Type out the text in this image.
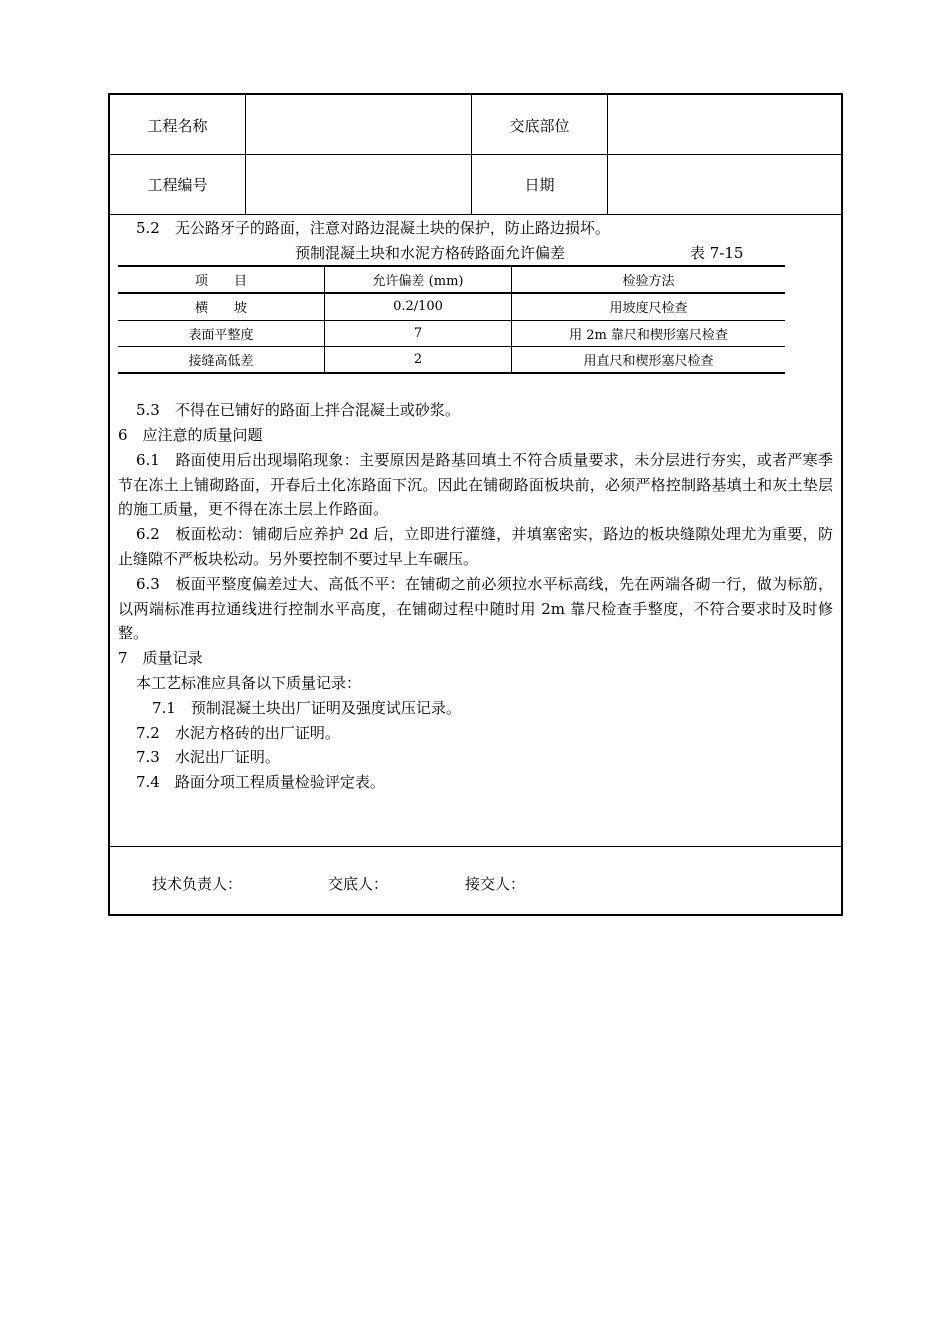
工程名称	交底部位
工程编号	日期
5.2　无公路牙子的路面，注意对路边混凝土块的保护，防止路边损坏。
预制混凝土块和水泥方格砖路面允许偏差	表 7-15
项　　目	允许偏差 (mm)	检验方法
横　　坡	0.2/100	用坡度尺检查
表面平整度	7	用 2m 靠尺和楔形塞尺检查
接缝高低差	2	用直尺和楔形塞尺检查
5.3　不得在已铺好的路面上拌合混凝土或砂浆。
6　应注意的质量问题
6.1　路面使用后出现塌陷现象：主要原因是路基回填土不符合质量要求，未分层进行夯实，或者严寒季节在冻土上铺砌路面，开春后土化冻路面下沉。因此在铺砌路面板块前，必须严格控制路基填土和灰土垫层的施工质量，更不得在冻土层上作路面。
6.2　板面松动：铺砌后应养护 2d 后，立即进行灌缝，并填塞密实，路边的板块缝隙处理尤为重要，防止缝隙不严板块松动。另外要控制不要过早上车碾压。
6.3　板面平整度偏差过大、高低不平：在铺砌之前必须拉水平标高线，先在两端各砌一行，做为标筋，以两端标准再拉通线进行控制水平高度，在铺砌过程中随时用 2m 靠尺检查手整度，不符合要求时及时修整。
7　质量记录
本工艺标准应具备以下质量记录：
7.1　预制混凝土块出厂证明及强度试压记录。
7.2　水泥方格砖的出厂证明。
7.3　水泥出厂证明。
7.4　路面分项工程质量检验评定表。
技术负责人：	交底人：	接交人：
